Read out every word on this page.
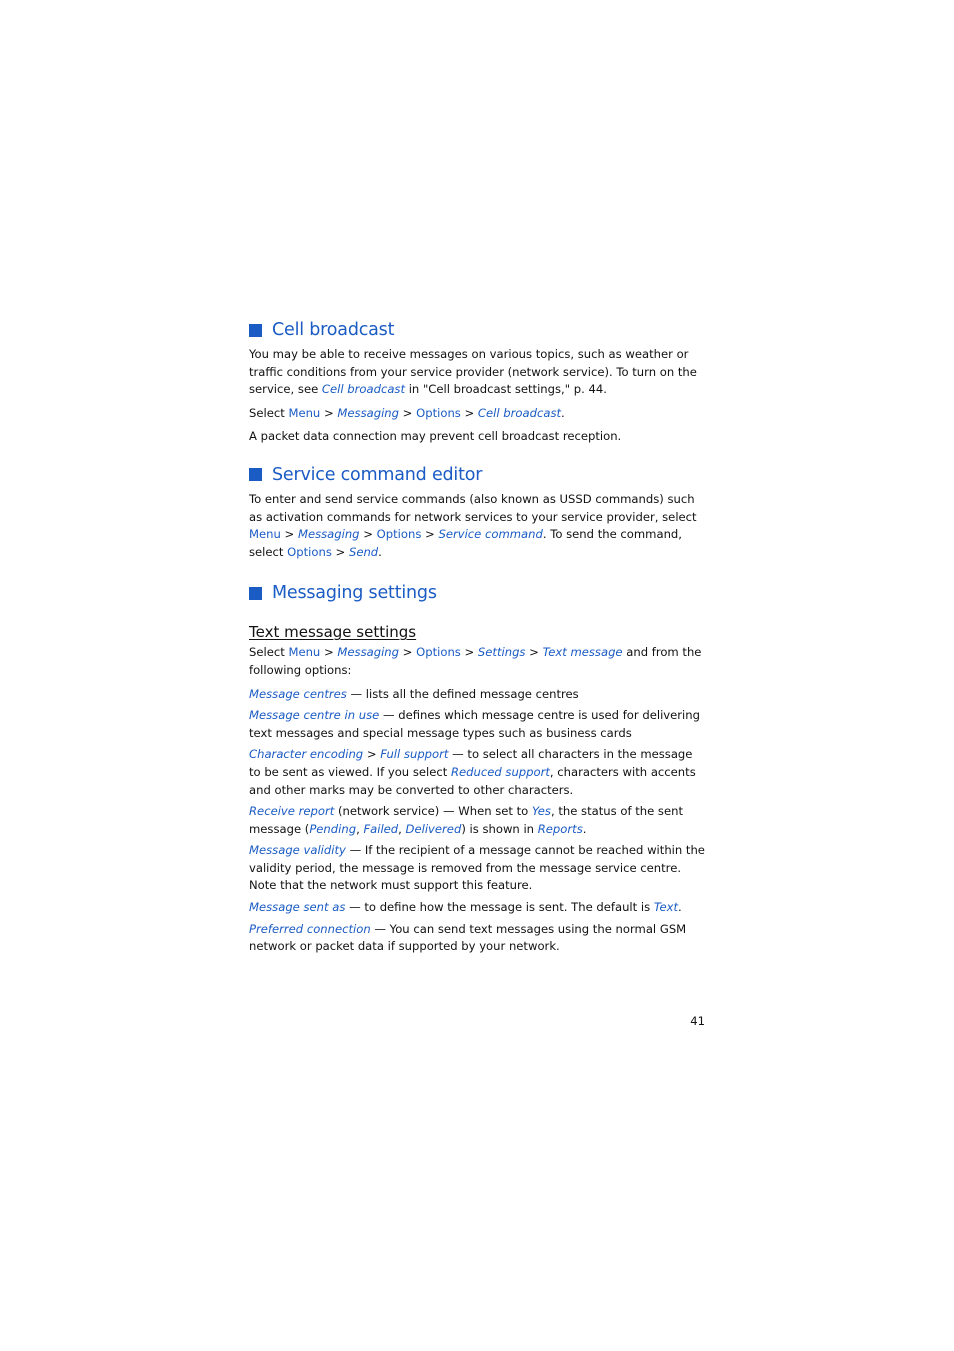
Cell broadcast

You may be able to receive messages on various topics, such as weather or traffic conditions from your service provider (network service). To turn on the service, see Cell broadcast in "Cell broadcast settings," p. 44.

Select Menu > Messaging > Options > Cell broadcast.

A packet data connection may prevent cell broadcast reception.

Service command editor

To enter and send service commands (also known as USSD commands) such as activation commands for network services to your service provider, select Menu > Messaging > Options > Service command. To send the command, select Options > Send.

Messaging settings
Text message settings

Select Menu > Messaging > Options > Settings > Text message and from the following options:

Message centres — lists all the defined message centres

Message centre in use — defines which message centre is used for delivering text messages and special message types such as business cards

Character encoding > Full support — to select all characters in the message to be sent as viewed. If you select Reduced support, characters with accents and other marks may be converted to other characters.

Receive report (network service) — When set to Yes, the status of the sent message (Pending, Failed, Delivered) is shown in Reports.

Message validity — If the recipient of a message cannot be reached within the validity period, the message is removed from the message service centre. Note that the network must support this feature.

Message sent as — to define how the message is sent. The default is Text.

Preferred connection — You can send text messages using the normal GSM network or packet data if supported by your network.

41
